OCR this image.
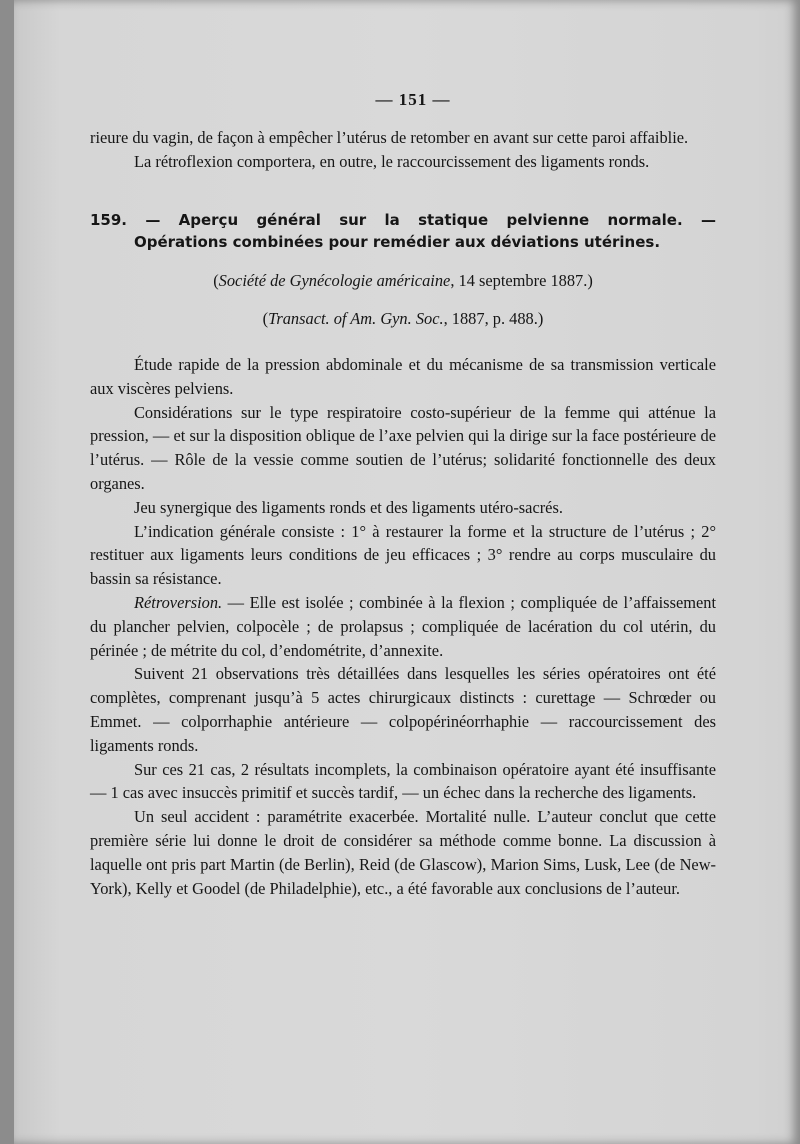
— 151 —

rieure du vagin, de façon à empêcher l’utérus de retomber en avant sur cette paroi affaiblie.

La rétroflexion comportera, en outre, le raccourcissement des ligaments ronds.

159. — Aperçu général sur la statique pelvienne normale. —
Opérations combinées pour remédier aux déviations utérines.

(Société de Gynécologie américaine, 14 septembre 1887.)

(Transact. of Am. Gyn. Soc., 1887, p. 488.)

Étude rapide de la pression abdominale et du mécanisme de sa transmission verticale aux viscères pelviens.

Considérations sur le type respiratoire costo-supérieur de la femme qui atténue la pression, — et sur la disposition oblique de l’axe pelvien qui la dirige sur la face postérieure de l’utérus. — Rôle de la vessie comme soutien de l’utérus; solidarité fonctionnelle des deux organes.

Jeu synergique des ligaments ronds et des ligaments utéro-sacrés.

L’indication générale consiste : 1° à restaurer la forme et la structure de l’utérus ; 2° restituer aux ligaments leurs conditions de jeu efficaces ; 3° rendre au corps musculaire du bassin sa résistance.

Rétroversion. — Elle est isolée ; combinée à la flexion ; compliquée de l’affaissement du plancher pelvien, colpocèle ; de prolapsus ; compliquée de lacération du col utérin, du périnée ; de métrite du col, d’endométrite, d’annexite.

Suivent 21 observations très détaillées dans lesquelles les séries opératoires ont été complètes, comprenant jusqu’à 5 actes chirurgicaux distincts : curettage — Schrœder ou Emmet. — colporrhaphie antérieure — colpopérinéorrhaphie — raccourcissement des ligaments ronds.

Sur ces 21 cas, 2 résultats incomplets, la combinaison opératoire ayant été insuffisante — 1 cas avec insuccès primitif et succès tardif, — un échec dans la recherche des ligaments.

Un seul accident : paramétrite exacerbée. Mortalité nulle. L’auteur conclut que cette première série lui donne le droit de considérer sa méthode comme bonne. La discussion à laquelle ont pris part Martin (de Berlin), Reid (de Glascow), Marion Sims, Lusk, Lee (de New-York), Kelly et Goodel (de Philadelphie), etc., a été favorable aux conclusions de l’auteur.
